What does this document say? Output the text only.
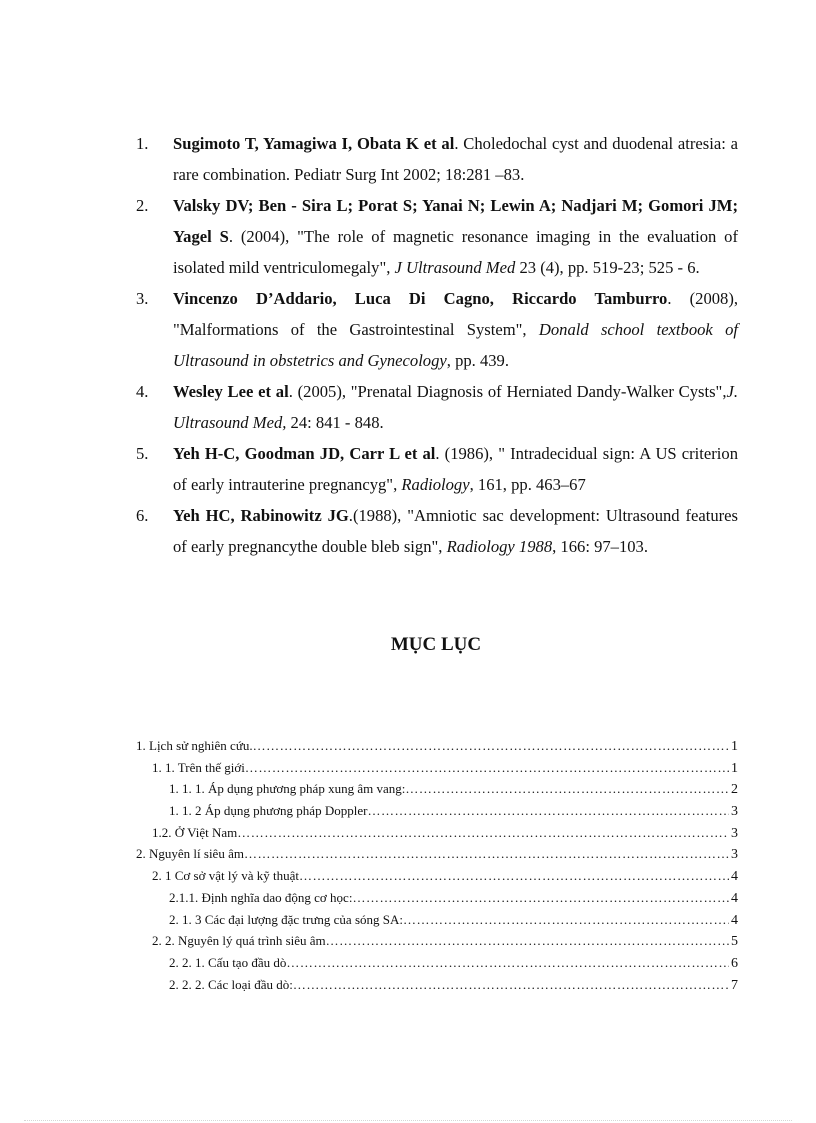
1. Sugimoto T, Yamagiwa I, Obata K et al. Choledochal cyst and duodenal atresia: a rare combination. Pediatr Surg Int 2002; 18:281 –83.
2. Valsky DV; Ben - Sira L; Porat S; Yanai N; Lewin A; Nadjari M; Gomori JM; Yagel S. (2004), "The role of magnetic resonance imaging in the evaluation of isolated mild ventriculomegaly", J Ultrasound Med 23 (4), pp. 519-23; 525 - 6.
3. Vincenzo D’Addario, Luca Di Cagno, Riccardo Tamburro. (2008), "Malformations of the Gastrointestinal System", Donald school textbook of Ultrasound in obstetrics and Gynecology, pp. 439.
4. Wesley Lee et al. (2005), "Prenatal Diagnosis of Herniated Dandy-Walker Cysts",J. Ultrasound Med, 24: 841 - 848.
5. Yeh H-C, Goodman JD, Carr L et al. (1986), " Intradecidual sign: A US criterion of early intrauterine pregnancyg", Radiology, 161, pp. 463–67
6. Yeh HC, Rabinowitz JG.(1988), "Amniotic sac development: Ultrasound features of early pregnancythe double bleb sign", Radiology 1988, 166: 97–103.
MỤC LỤC
1. Lịch sử nghiên cứu. ………………………………………………………………………………………………………………………………………………………………………	1
1. 1. Trên thế giới ………………………………………………………………………………………………………………………………………………………………………	1
1. 1. 1. Áp dụng phương pháp xung âm vang: ………………………………………………………………………………………………………………………………………………………………………	2
1. 1. 2 Áp dụng phương pháp Doppler ………………………………………………………………………………………………………………………………………………………………………	3
1.2. Ở Việt Nam ………………………………………………………………………………………………………………………………………………………………………	3
2. Nguyên lí siêu âm ………………………………………………………………………………………………………………………………………………………………………	3
2. 1 Cơ sở vật lý và kỹ thuật ………………………………………………………………………………………………………………………………………………………………………	4
2.1.1. Định nghĩa dao động cơ học: ………………………………………………………………………………………………………………………………………………………………………	4
2. 1. 3 Các đại lượng đặc trưng của sóng SA: ………………………………………………………………………………………………………………………………………………………………………	4
2. 2. Nguyên lý quá trình siêu âm ………………………………………………………………………………………………………………………………………………………………………	5
2. 2. 1. Cấu tạo đầu dò ………………………………………………………………………………………………………………………………………………………………………	6
2. 2. 2. Các loại đầu dò: ………………………………………………………………………………………………………………………………………………………………………	7
